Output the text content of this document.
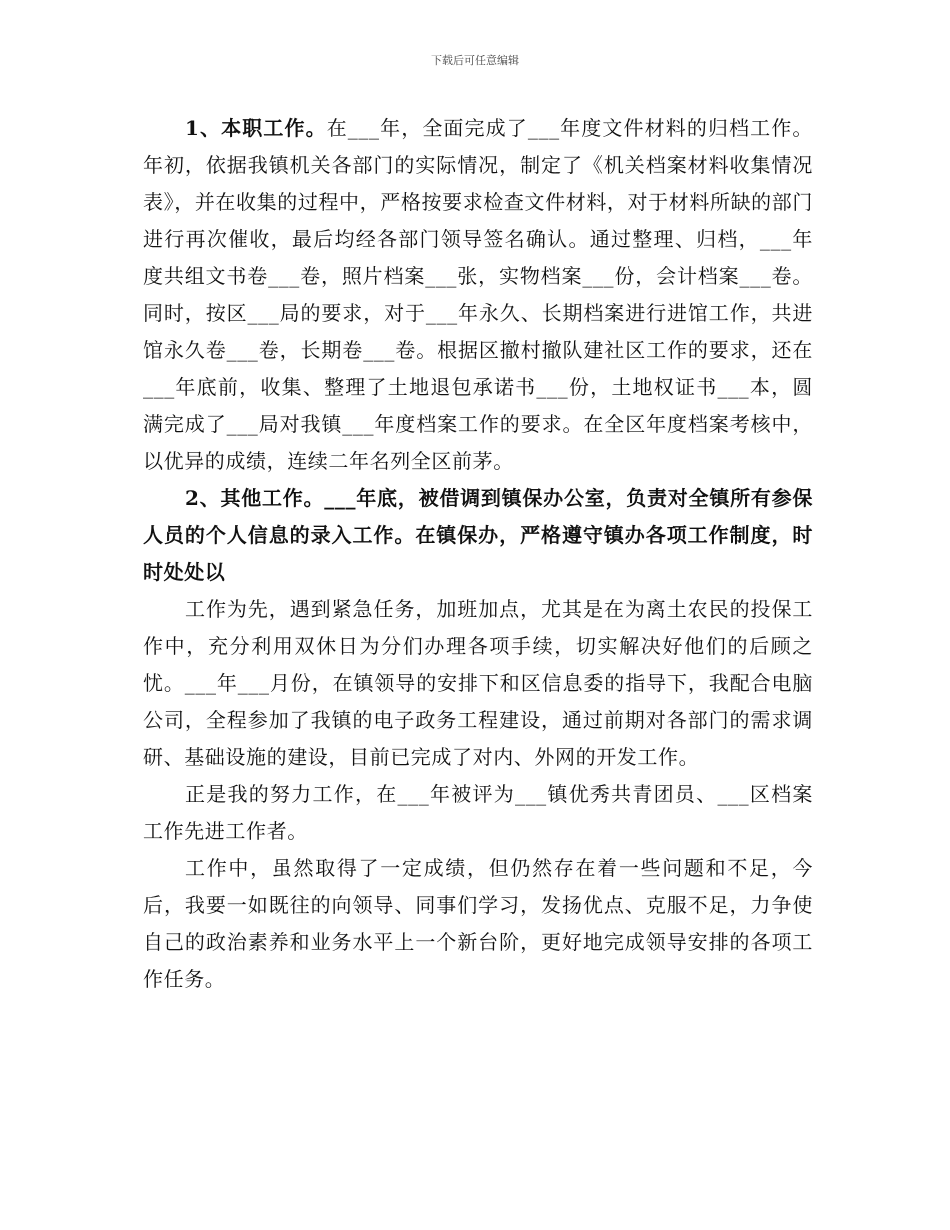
下载后可任意编辑

1、本职工作。在___年，全面完成了___年度文件材料的归档工作。年初，依据我镇机关各部门的实际情况，制定了《机关档案材料收集情况表》，并在收集的过程中，严格按要求检查文件材料，对于材料所缺的部门进行再次催收，最后均经各部门领导签名确认。通过整理、归档，___年度共组文书卷___卷，照片档案___张，实物档案___份，会计档案___卷。同时，按区___局的要求，对于___年永久、长期档案进行进馆工作，共进馆永久卷___卷，长期卷___卷。根据区撤村撤队建社区工作的要求，还在___年底前，收集、整理了土地退包承诺书___份，土地权证书___本，圆满完成了___局对我镇___年度档案工作的要求。在全区年度档案考核中，以优异的成绩，连续二年名列全区前茅。

2、其他工作。___年底，被借调到镇保办公室，负责对全镇所有参保人员的个人信息的录入工作。在镇保办，严格遵守镇办各项工作制度，时时处处以

工作为先，遇到紧急任务，加班加点，尤其是在为离土农民的投保工作中，充分利用双休日为分们办理各项手续，切实解决好他们的后顾之忧。___年___月份，在镇领导的安排下和区信息委的指导下，我配合电脑公司，全程参加了我镇的电子政务工程建设，通过前期对各部门的需求调研、基础设施的建设，目前已完成了对内、外网的开发工作。

正是我的努力工作，在___年被评为___镇优秀共青团员、___区档案工作先进工作者。

工作中，虽然取得了一定成绩，但仍然存在着一些问题和不足，今后，我要一如既往的向领导、同事们学习，发扬优点、克服不足，力争使自己的政治素养和业务水平上一个新台阶，更好地完成领导安排的各项工作任务。
